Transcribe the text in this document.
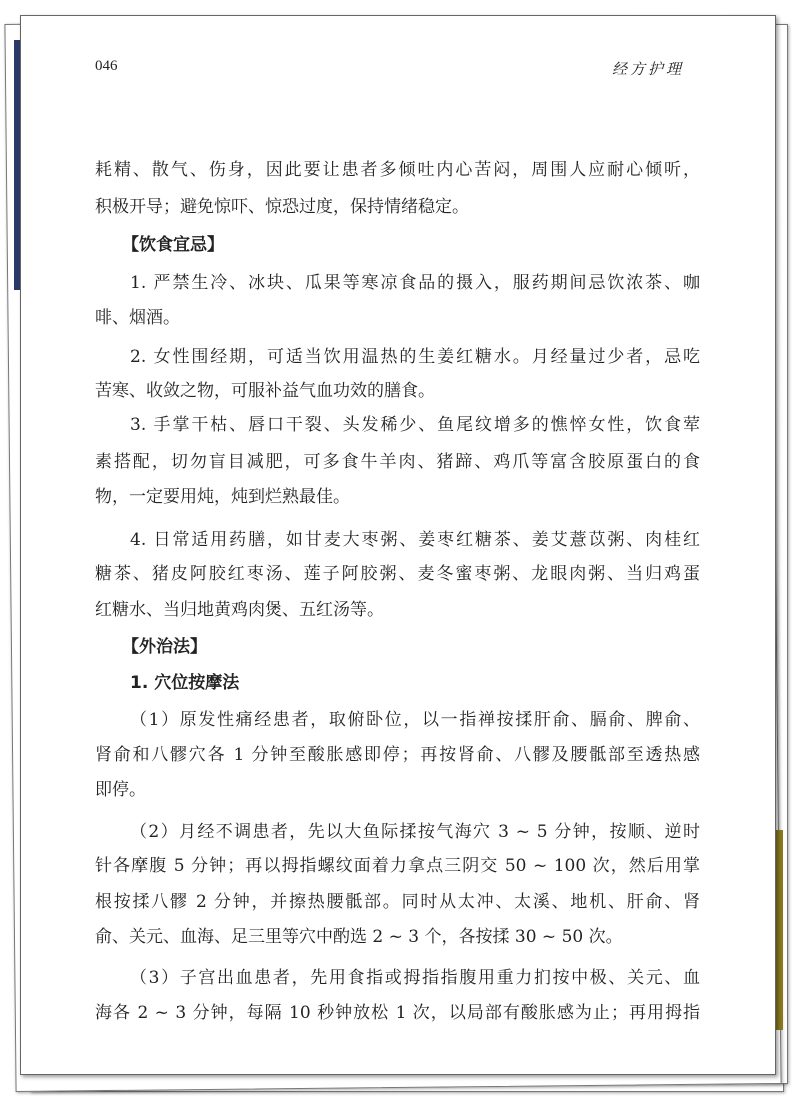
046	经方护理
耗精、散气、伤身，因此要让患者多倾吐内心苦闷，周围人应耐心倾听，
积极开导；避免惊吓、惊恐过度，保持情绪稳定。
【饮食宜忌】
1. 严禁生冷、冰块、瓜果等寒凉食品的摄入，服药期间忌饮浓茶、咖
啡、烟酒。
2. 女性围经期，可适当饮用温热的生姜红糖水。月经量过少者，忌吃
苦寒、收敛之物，可服补益气血功效的膳食。
3. 手掌干枯、唇口干裂、头发稀少、鱼尾纹增多的憔悴女性，饮食荤
素搭配，切勿盲目减肥，可多食牛羊肉、猪蹄、鸡爪等富含胶原蛋白的食
物，一定要用炖，炖到烂熟最佳。
4. 日常适用药膳，如甘麦大枣粥、姜枣红糖茶、姜艾薏苡粥、肉桂红
糖茶、猪皮阿胶红枣汤、莲子阿胶粥、麦冬蜜枣粥、龙眼肉粥、当归鸡蛋
红糖水、当归地黄鸡肉煲、五红汤等。
【外治法】
1. 穴位按摩法
（1）原发性痛经患者，取俯卧位，以一指禅按揉肝俞、膈俞、脾俞、
肾俞和八髎穴各 1 分钟至酸胀感即停；再按肾俞、八髎及腰骶部至透热感
即停。
（2）月经不调患者，先以大鱼际揉按气海穴 3 ~ 5 分钟，按顺、逆时
针各摩腹 5 分钟；再以拇指螺纹面着力拿点三阴交 50 ~ 100 次，然后用掌
根按揉八髎 2 分钟，并擦热腰骶部。同时从太冲、太溪、地机、肝俞、肾
俞、关元、血海、足三里等穴中酌选 2 ~ 3 个，各按揉 30 ~ 50 次。
（3）子宫出血患者，先用食指或拇指指腹用重力扪按中极、关元、血
海各 2 ~ 3 分钟，每隔 10 秒钟放松 1 次，以局部有酸胀感为止；再用拇指
